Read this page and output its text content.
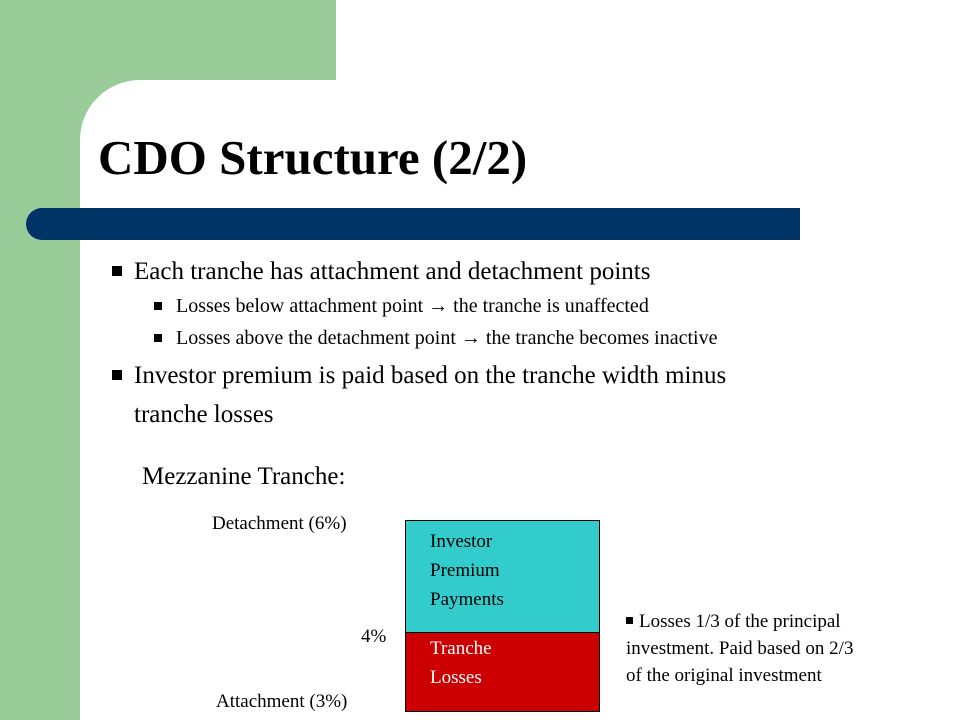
CDO Structure (2/2)
Each tranche has attachment and detachment points
Losses below attachment point → the tranche is unaffected
Losses above the detachment point → the tranche becomes inactive
Investor premium is paid based on the tranche width minus
tranche losses
Mezzanine Tranche:
Detachment (6%)
4%
Attachment (3%)
Investor
Premium
Payments
Tranche
Losses
Losses 1/3 of the principal
investment. Paid based on 2/3
of the original investment
